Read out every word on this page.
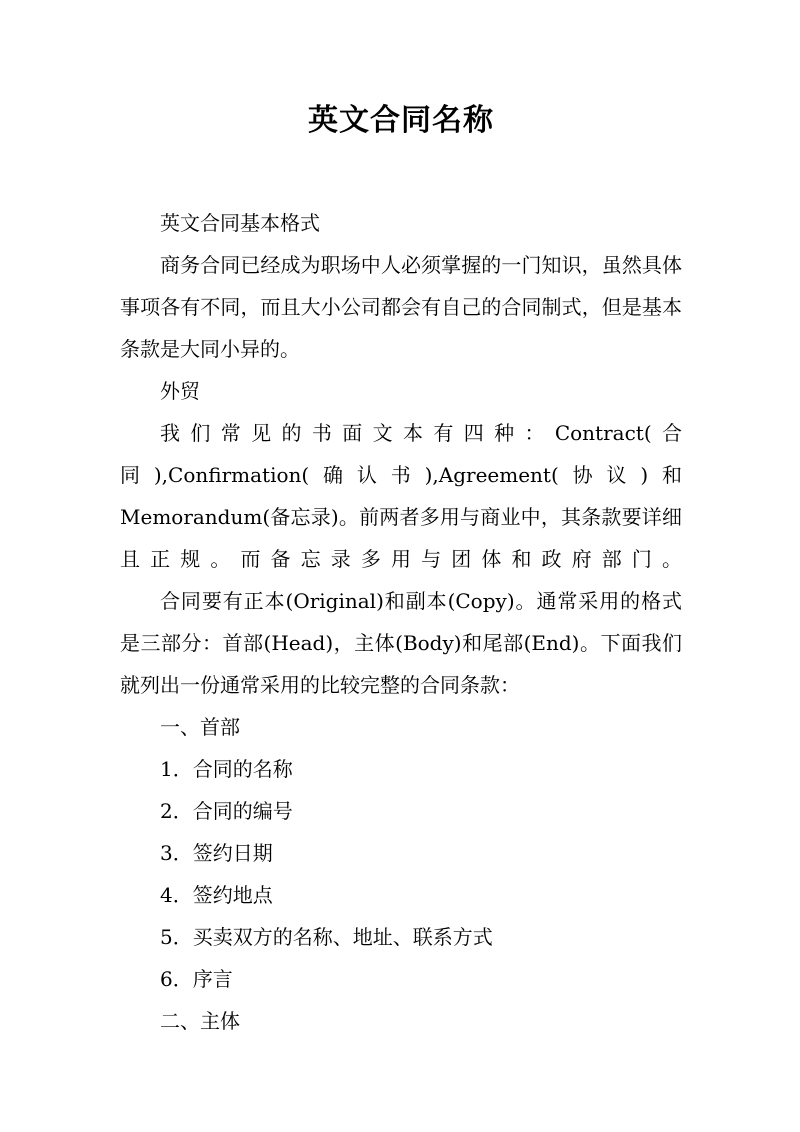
英文合同名称

英文合同基本格式

商务合同已经成为职场中人必须掌握的一门知识，虽然具体事项各有不同，而且大小公司都会有自己的合同制式，但是基本条款是大同小异的。

外贸

我们常见的书面文本有四种：Contract(合同),Confirmation(确认书),Agreement(协议)和Memorandum(备忘录)。前两者多用与商业中，其条款要详细且正规。而备忘录多用与团体和政府部门。

合同要有正本(Original)和副本(Copy)。通常采用的格式是三部分：首部(Head)，主体(Body)和尾部(End)。下面我们就列出一份通常采用的比较完整的合同条款：

一、首部

1．合同的名称

2．合同的编号

3．签约日期

4．签约地点

5．买卖双方的名称、地址、联系方式

6．序言

二、主体
